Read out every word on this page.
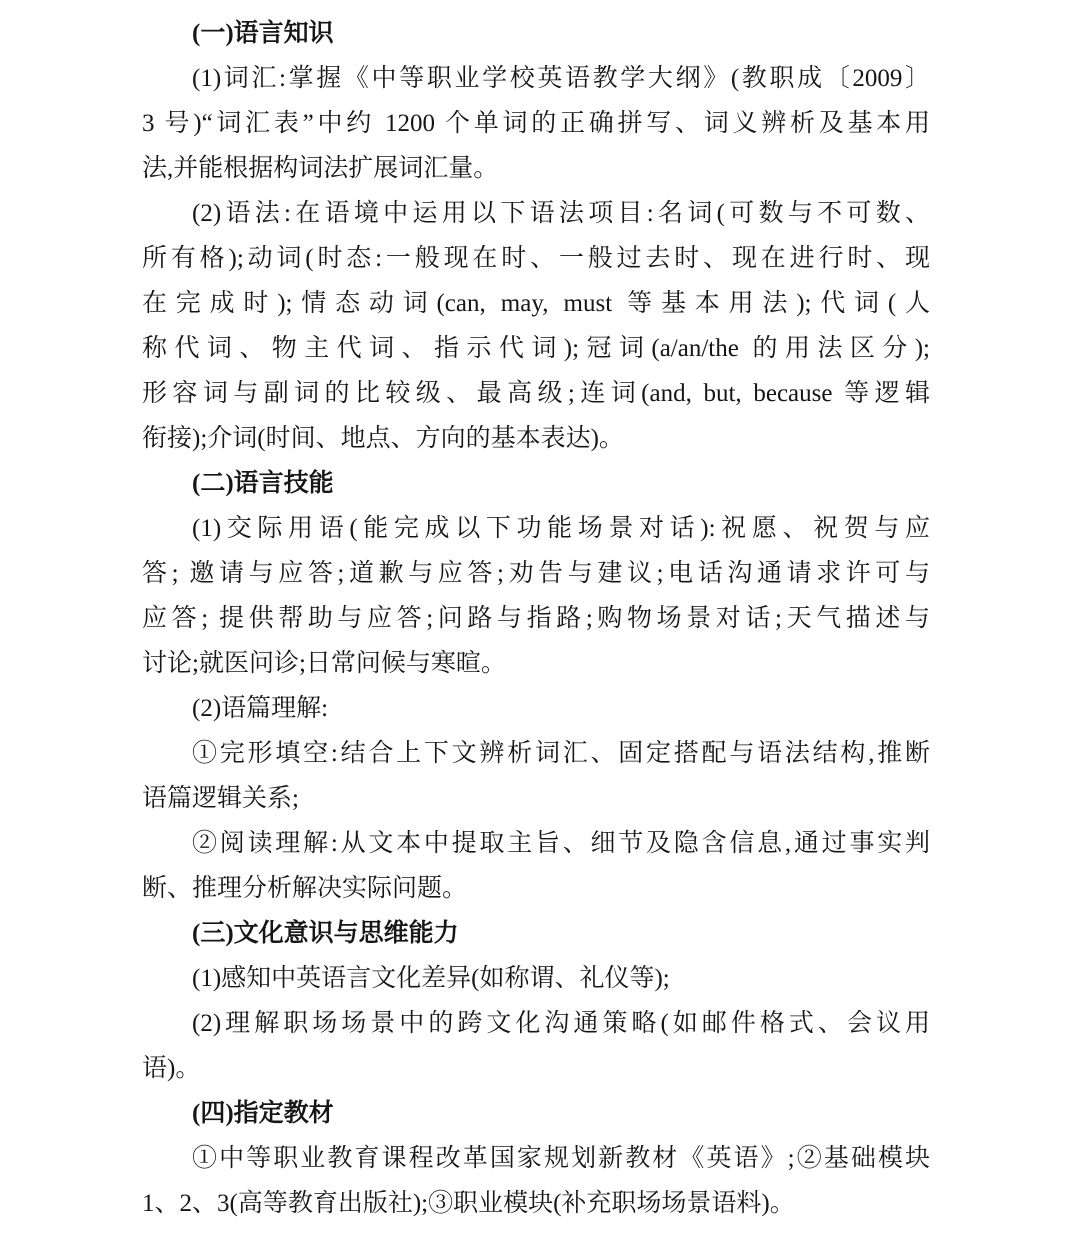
(一)语言知识
(1)词汇:掌握《中等职业学校英语教学大纲》(教职成〔2009〕
3 号)“词汇表”中约 1200 个单词的正确拼写、词义辨析及基本用
法,并能根据构词法扩展词汇量。
(2)语法:在语境中运用以下语法项目:名词(可数与不可数、
所有格);动词(时态:一般现在时、一般过去时、现在进行时、现
在完成时);情态动词(can, may, must 等基本用法);代词(人
称代词、物主代词、指示代词);冠词(a/an/the 的用法区分);
形容词与副词的比较级、最高级;连词(and, but, because 等逻辑
衔接);介词(时间、地点、方向的基本表达)。
(二)语言技能
(1)交际用语(能完成以下功能场景对话):祝愿、祝贺与应
答; 邀请与应答;道歉与应答;劝告与建议;电话沟通请求许可与
应答; 提供帮助与应答;问路与指路;购物场景对话;天气描述与
讨论;就医问诊;日常问候与寒暄。
(2)语篇理解:
①完形填空:结合上下文辨析词汇、固定搭配与语法结构,推断
语篇逻辑关系;
②阅读理解:从文本中提取主旨、细节及隐含信息,通过事实判
断、推理分析解决实际问题。
(三)文化意识与思维能力
(1)感知中英语言文化差异(如称谓、礼仪等);
(2)理解职场场景中的跨文化沟通策略(如邮件格式、会议用
语)。
(四)指定教材
①中等职业教育课程改革国家规划新教材《英语》;②基础模块
1、2、3(高等教育出版社);③职业模块(补充职场场景语料)。
